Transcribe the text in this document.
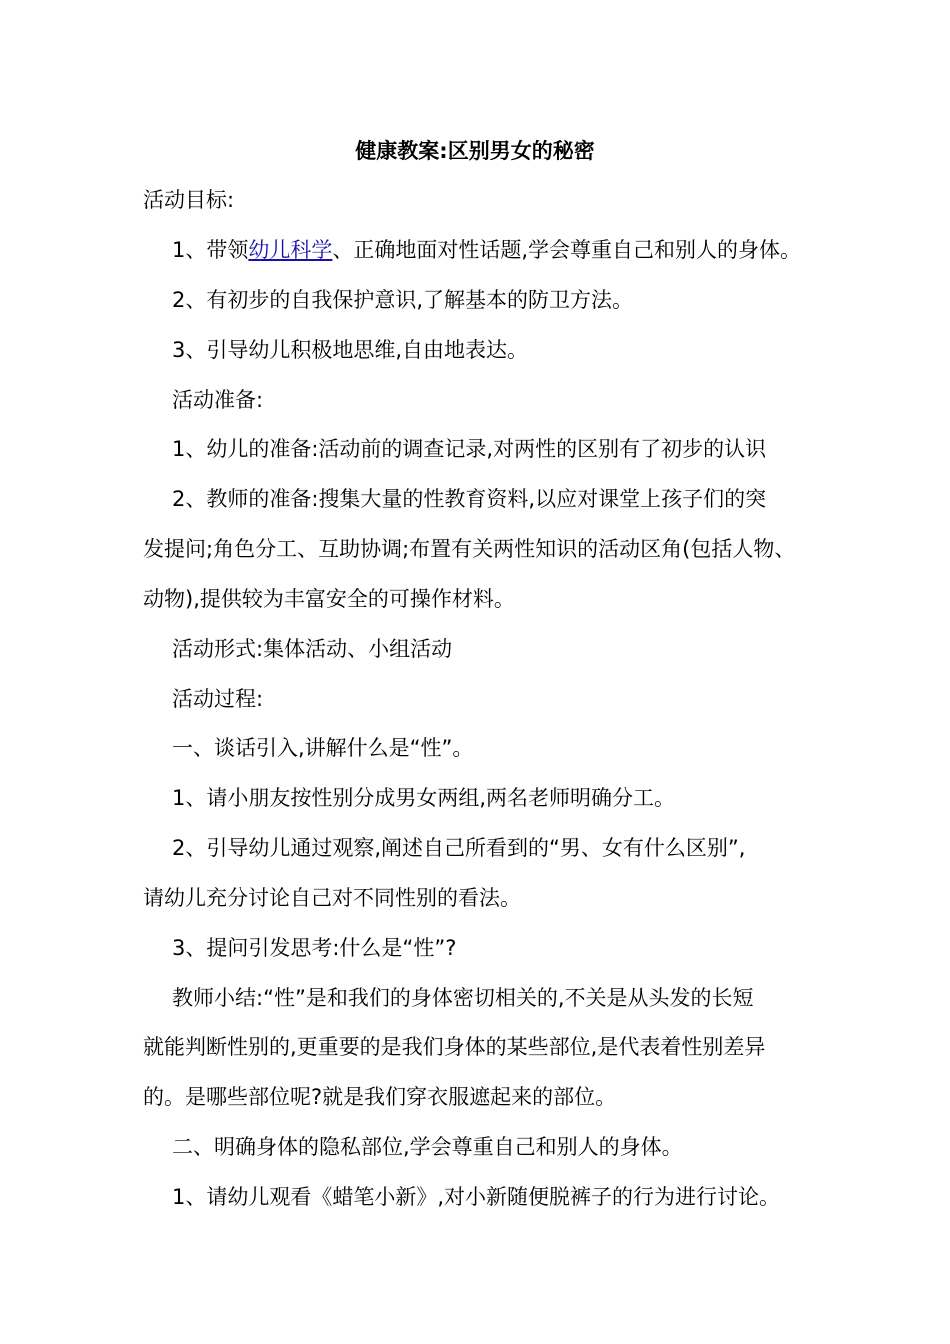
健康教案:区别男女的秘密
活动目标:
1、带领幼儿科学、正确地面对性话题,学会尊重自己和别人的身体。
2、有初步的自我保护意识,了解基本的防卫方法。
3、引导幼儿积极地思维,自由地表达。
活动准备:
1、幼儿的准备:活动前的调查记录,对两性的区别有了初步的认识
2、教师的准备:搜集大量的性教育资料,以应对课堂上孩子们的突
发提问;角色分工、互助协调;布置有关两性知识的活动区角(包括人物、
动物),提供较为丰富安全的可操作材料。
活动形式:集体活动、小组活动
活动过程:
一、谈话引入,讲解什么是“性”。
1、请小朋友按性别分成男女两组,两名老师明确分工。
2、引导幼儿通过观察,阐述自己所看到的“男、女有什么区别”,
请幼儿充分讨论自己对不同性别的看法。
3、提问引发思考:什么是“性”?
教师小结:“性”是和我们的身体密切相关的,不关是从头发的长短
就能判断性别的,更重要的是我们身体的某些部位,是代表着性别差异
的。是哪些部位呢?就是我们穿衣服遮起来的部位。
二、明确身体的隐私部位,学会尊重自己和别人的身体。
1、请幼儿观看《蜡笔小新》,对小新随便脱裤子的行为进行讨论。
